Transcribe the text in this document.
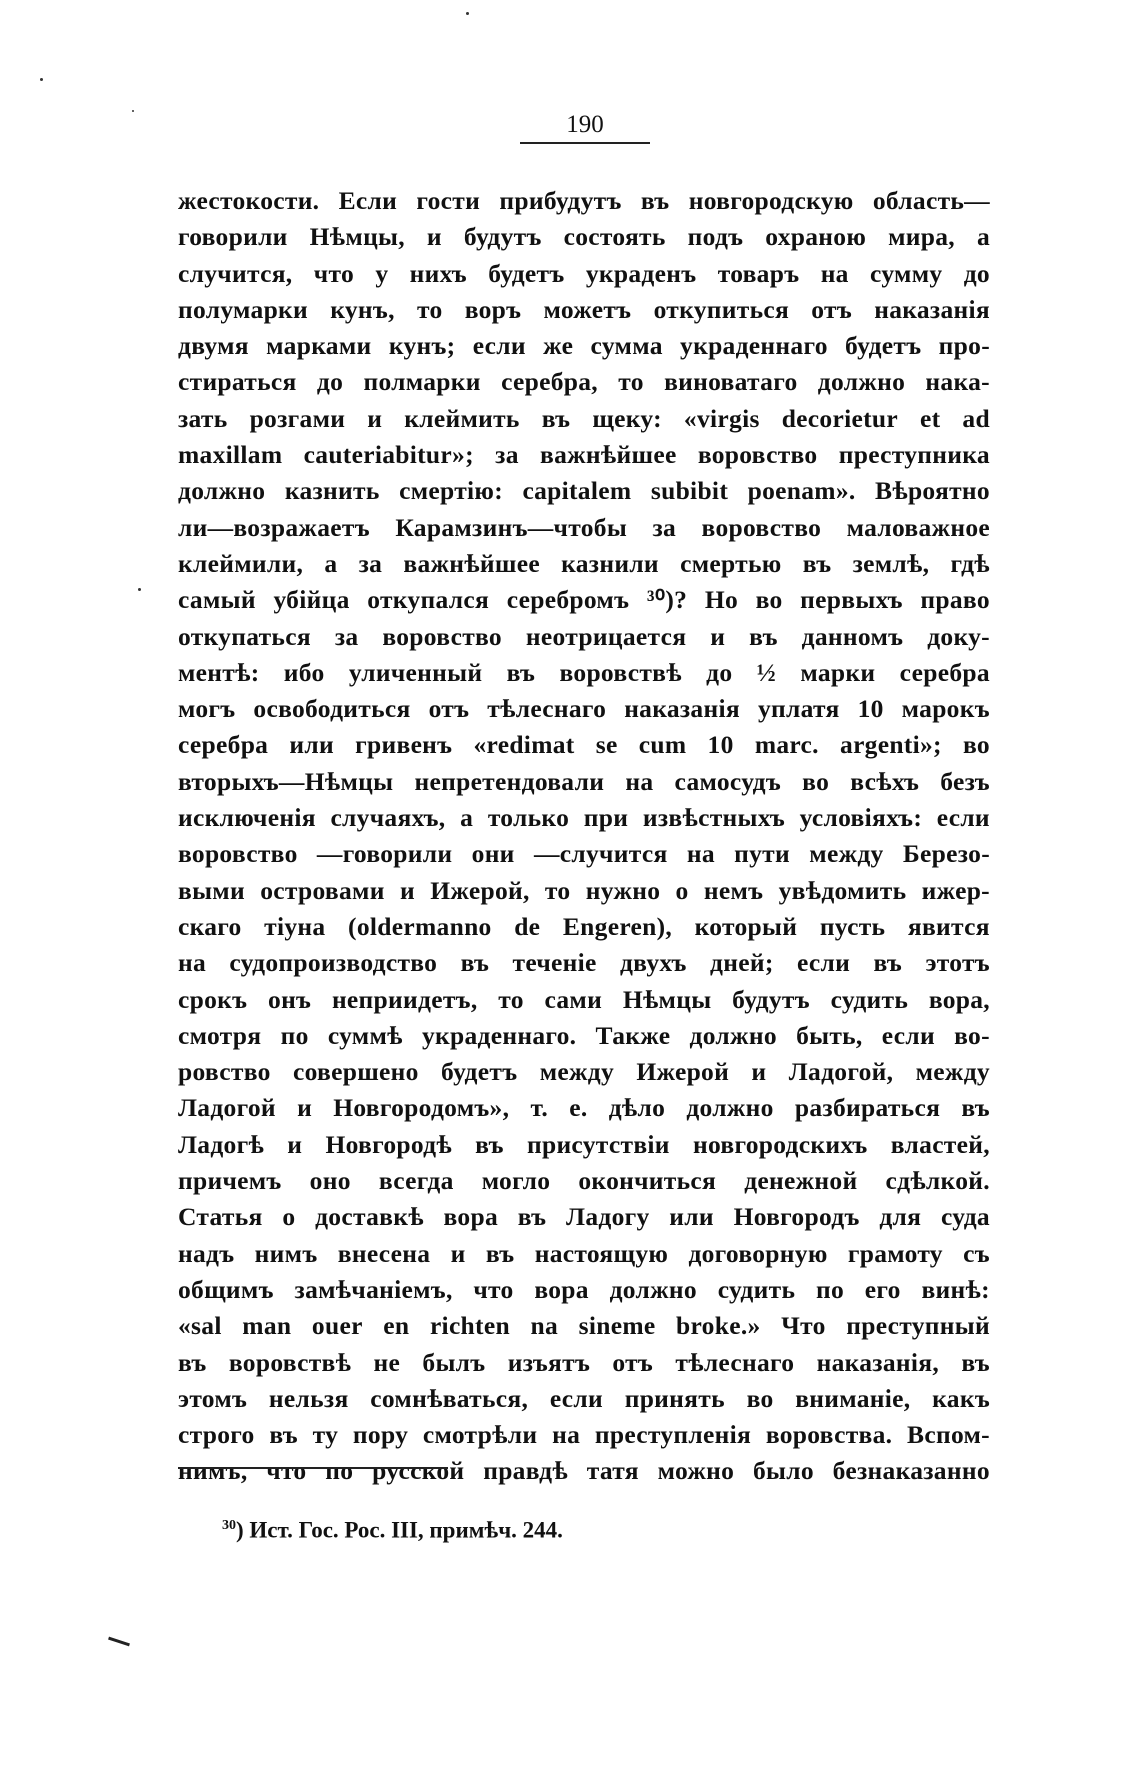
190
жестокости. Если гости прибудутъ въ новгородскую область—
говорили Нѣмцы, и будутъ состоять подъ охраною мира, а
случится, что у нихъ будетъ украденъ товаръ на сумму до
полумарки кунъ, то воръ можетъ откупиться отъ наказанія
двумя марками кунъ; если же сумма украденнаго будетъ про-
стираться до полмарки серебра, то виноватаго должно нака-
зать розгами и клеймить въ щеку: «virgis decorietur et ad
maxillam cauteriabitur»; за важнѣйшее воровство преступника
должно казнить смертію: capitalem subibit poenam». Вѣроятно
ли—возражаетъ Карамзинъ—чтобы за воровство маловажное
клеймили, а за важнѣйшее казнили смертью въ землѣ, гдѣ
самый убійца откупался серебромъ ³⁰)? Но во первыхъ право
откупаться за воровство неотрицается и въ данномъ доку-
ментѣ: ибо уличенный въ воровствѣ до ½ марки серебра
могъ освободиться отъ тѣлеснаго наказанія уплатя 10 марокъ
серебра или гривенъ «redimat se cum 10 marc. argenti»; во
вторыхъ—Нѣмцы непретендовали на самосудъ во всѣхъ безъ
исключенія случаяхъ, а только при извѣстныхъ условіяхъ: если
воровство —говорили они —случится на пути между Березо-
выми островами и Ижерой, то нужно о немъ увѣдомить ижер-
скаго тіуна (oldermanno de Engeren), который пусть явится
на судопроизводство въ теченіе двухъ дней; если въ этотъ
срокъ онъ неприидетъ, то сами Нѣмцы будутъ судить вора,
смотря по суммѣ украденнаго. Также должно быть, если во-
ровство совершено будетъ между Ижерой и Ладогой, между
Ладогой и Новгородомъ», т. е. дѣло должно разбираться въ
Ладогѣ и Новгородѣ въ присутствіи новгородскихъ властей,
причемъ оно всегда могло окончиться денежной сдѣлкой.
Статья о доставкѣ вора въ Ладогу или Новгородъ для суда
надъ нимъ внесена и въ настоящую договорную грамоту съ
общимъ замѣчаніемъ, что вора должно судить по его винѣ:
«sal man ouer en richten na sineme broke.» Что преступный
въ воровствѣ не былъ изъятъ отъ тѣлеснаго наказанія, въ
этомъ нельзя сомнѣваться, если принять во вниманіе, какъ
строго въ ту пору смотрѣли на преступленія воровства. Вспом-
нимъ, что по русской правдѣ татя можно было безнаказанно
$^{30}$) Ист. Гос. Рос. III, примѣч. 244.
